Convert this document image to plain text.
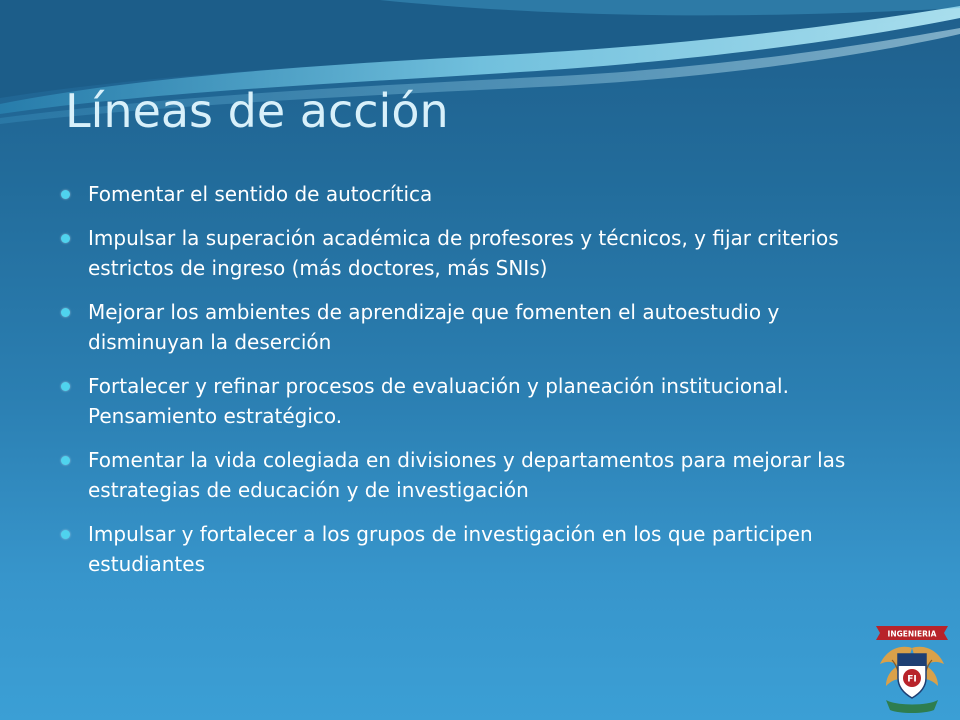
Líneas de acción
Fomentar el sentido de autocrítica
Impulsar la superación académica de profesores y técnicos, y fijar criterios estrictos de ingreso (más doctores, más SNIs)
Mejorar los ambientes de aprendizaje que fomenten el autoestudio y disminuyan la deserción
Fortalecer y refinar procesos de evaluación y planeación institucional. Pensamiento estratégico.
Fomentar la vida colegiada en divisiones y departamentos para mejorar las estrategias de educación y de investigación
Impulsar y fortalecer a los grupos de investigación en los que participen estudiantes
INGENIERIA
FI
